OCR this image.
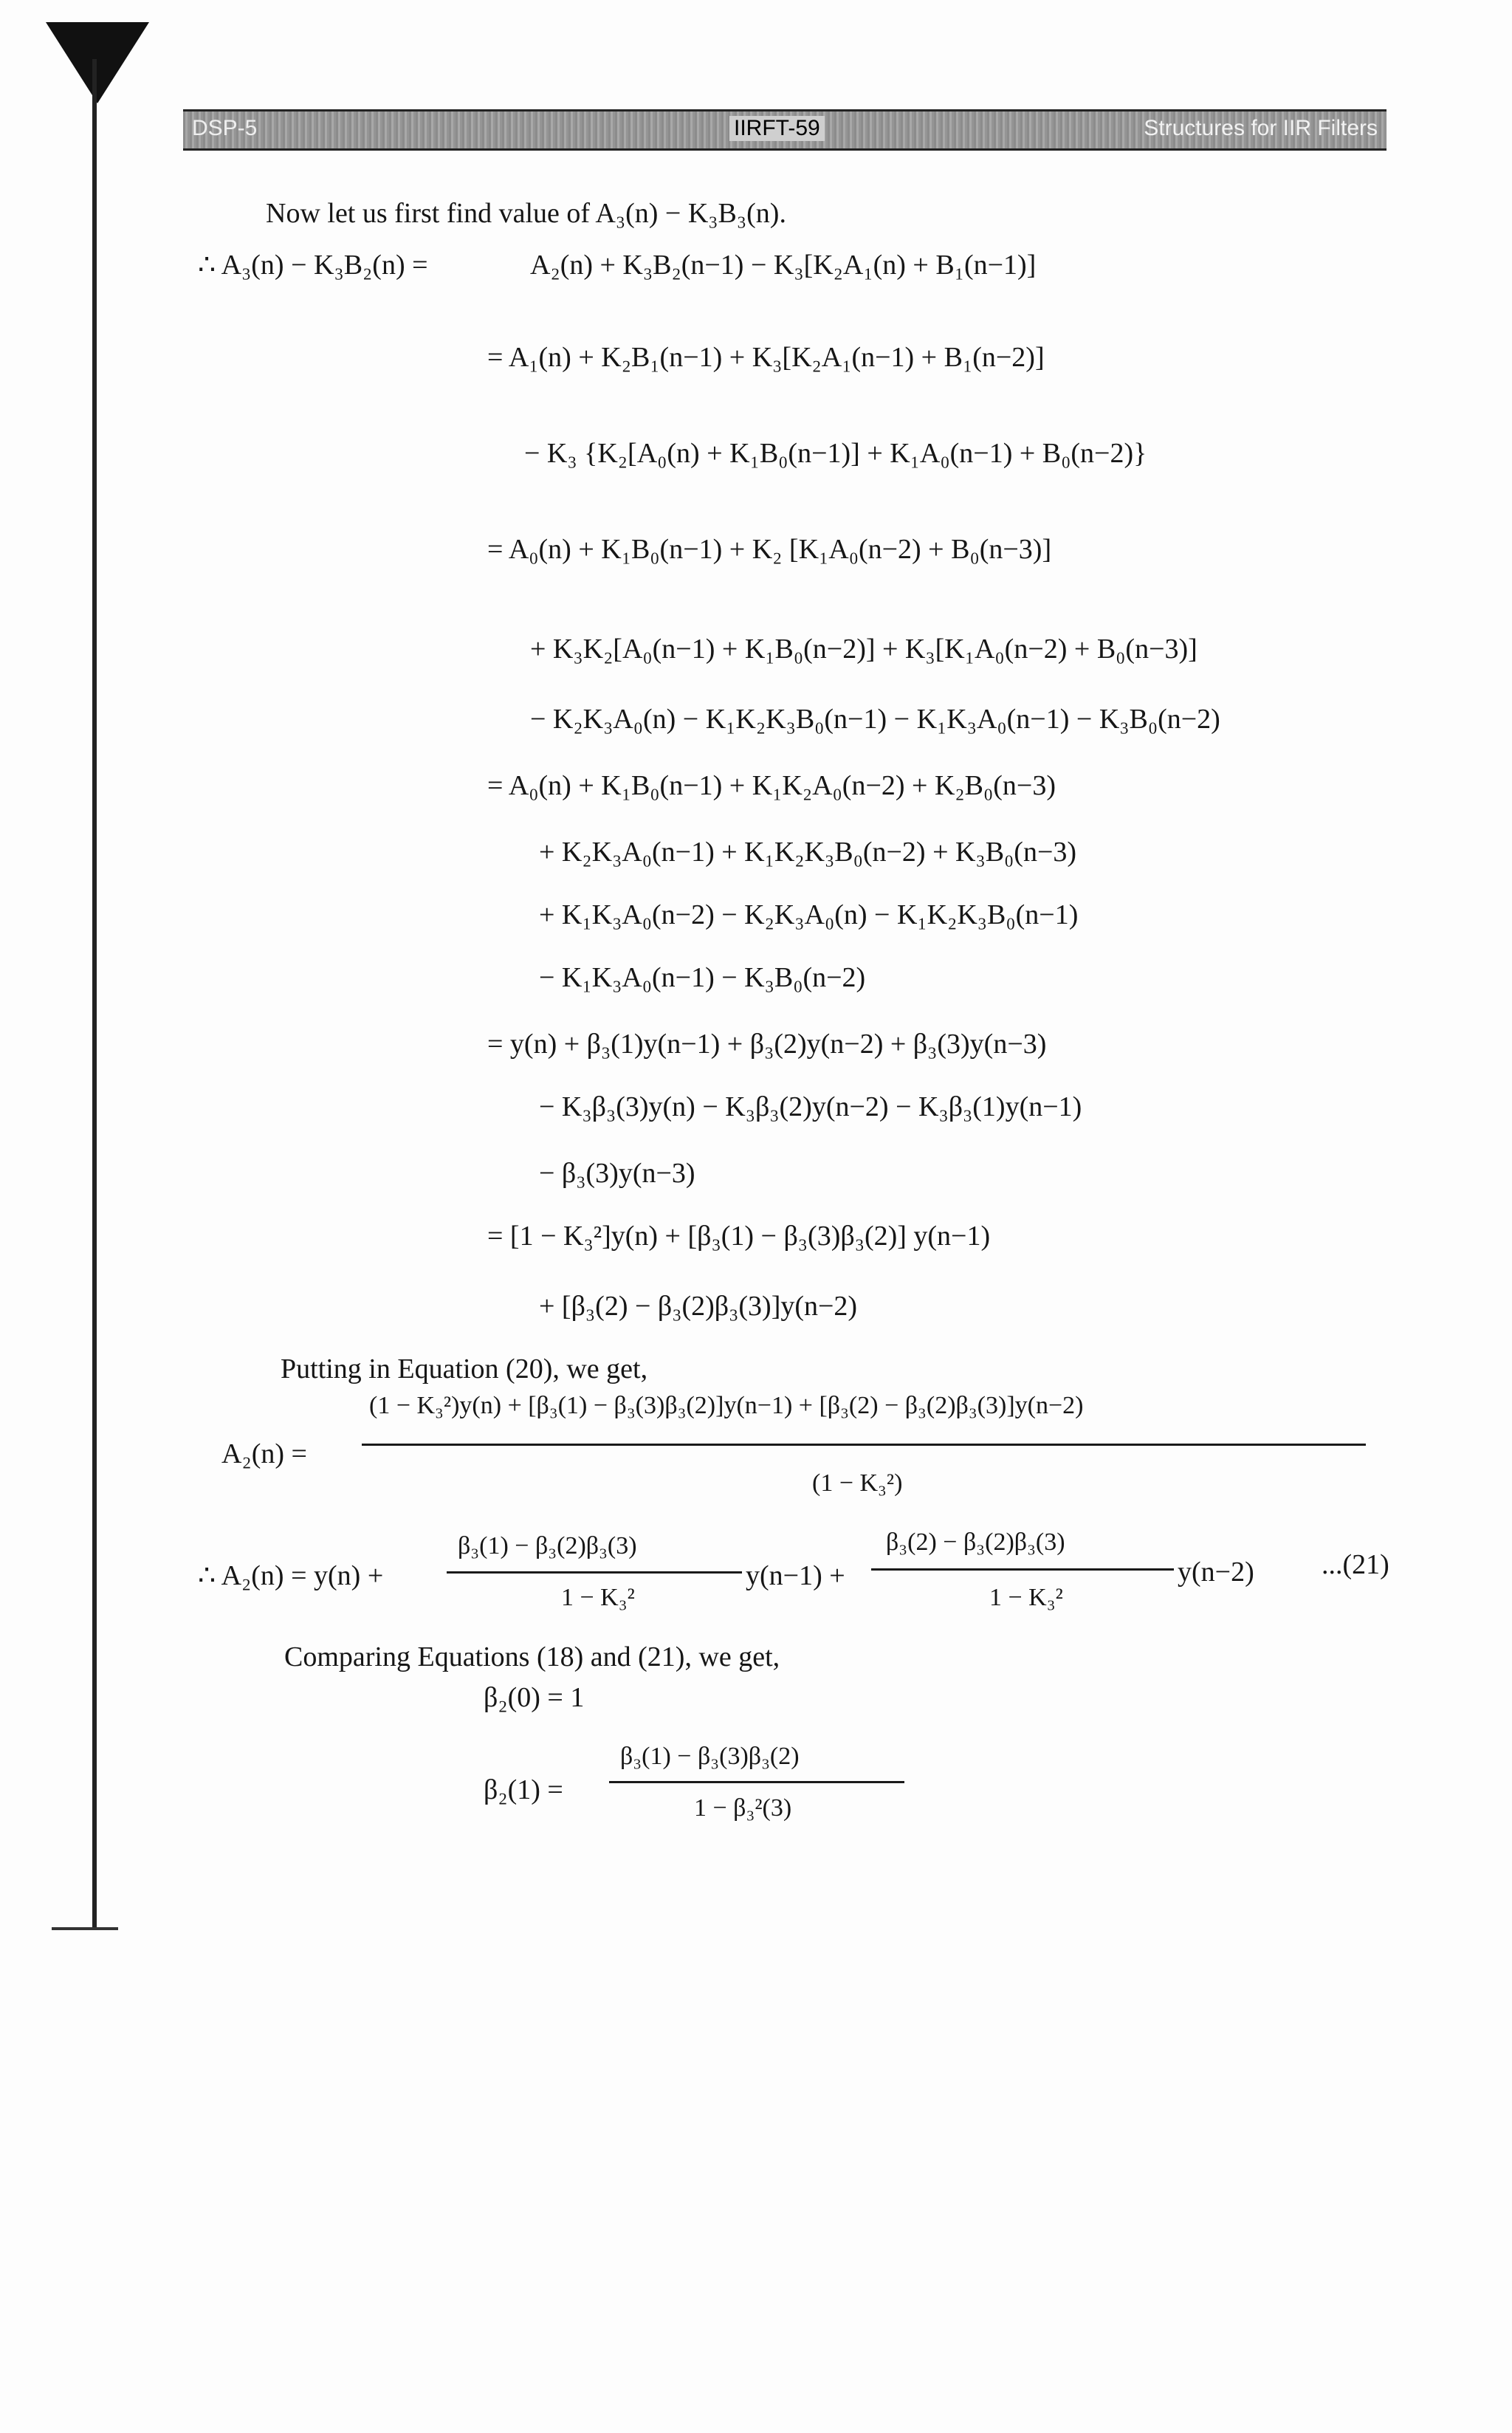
DSP-5	IIRFT-59	Structures for IIR Filters
Now let us first find value of A₃(n) − K₃B₃(n).
∴ A₃(n) − K₃B₂(n) =	A₂(n) + K₃B₂(n−1) − K₃[K₂A₁(n) + B₁(n−1)]
= A₁(n) + K₂B₁(n−1) + K₃[K₂A₁(n−1) + B₁(n−2)]
− K₃ {K₂[A₀(n) + K₁B₀(n−1)] + K₁A₀(n−1) + B₀(n−2)}
= A₀(n) + K₁B₀(n−1) + K₂ [K₁A₀(n−2) + B₀(n−3)]
+ K₃K₂[A₀(n−1) + K₁B₀(n−2)] + K₃[K₁A₀(n−2) + B₀(n−3)]
− K₂K₃A₀(n) − K₁K₂K₃B₀(n−1) − K₁K₃A₀(n−1) − K₃B₀(n−2)
= A₀(n) + K₁B₀(n−1) + K₁K₂A₀(n−2) + K₂B₀(n−3)
+ K₂K₃A₀(n−1) + K₁K₂K₃B₀(n−2) + K₃B₀(n−3)
+ K₁K₃A₀(n−2) − K₂K₃A₀(n) − K₁K₂K₃B₀(n−1)
− K₁K₃A₀(n−1) − K₃B₀(n−2)
= y(n) + β₃(1)y(n−1) + β₃(2)y(n−2) + β₃(3)y(n−3)
− K₃β₃(3)y(n) − K₃β₃(2)y(n−2) − K₃β₃(1)y(n−1)
− β₃(3)y(n−3)
= [1 − K₃²]y(n) + [β₃(1) − β₃(3)β₃(2)] y(n−1)
+ [β₃(2) − β₃(2)β₃(3)]y(n−2)
Putting in Equation (20), we get,
A₂(n) =
(1 − K₃²)y(n) + [β₃(1) − β₃(3)β₃(2)]y(n−1) + [β₃(2) − β₃(2)β₃(3)]y(n−2)
(1 − K₃²)
∴ A₂(n) = y(n) +
β₃(1) − β₃(2)β₃(3)
1 − K₃²
y(n−1) +
β₃(2) − β₃(2)β₃(3)
1 − K₃²
y(n−2) ...(21)
Comparing Equations (18) and (21), we get,
β₂(0) = 1
β₂(1) =
β₃(1) − β₃(3)β₃(2)
1 − β₃²(3)
